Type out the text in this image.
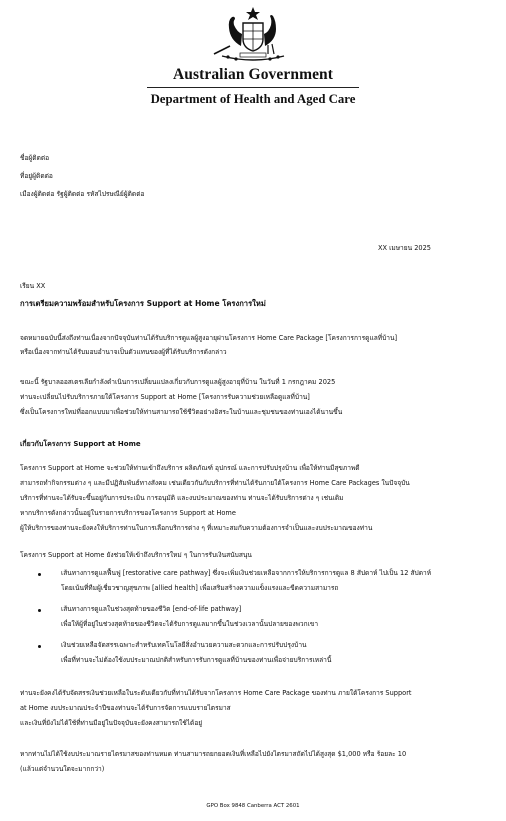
Australian Government
Department of Health and Aged Care
ชื่อผู้ติดต่อ
ที่อยู่ผู้ติดต่อ
เมืองผู้ติดต่อ รัฐผู้ติดต่อ รหัสไปรษณีย์ผู้ติดต่อ
XX เมษายน 2025
เรียน XX
การเตรียมความพร้อมสำหรับโครงการ Support at Home โครงการใหม่
จดหมายฉบับนี้ส่งถึงท่านเนื่องจากปัจจุบันท่านได้รับบริการดูแลผู้สูงอายุผ่านโครงการ Home Care Package [โครงการการดูแลที่บ้าน]
หรือเนื่องจากท่านได้รับมอบอำนาจเป็นตัวแทนของผู้ที่ได้รับบริการดังกล่าว
ขณะนี้ รัฐบาลออสเตรเลียกำลังดำเนินการเปลี่ยนแปลงเกี่ยวกับการดูแลผู้สูงอายุที่บ้าน ในวันที่ 1 กรกฎาคม 2025
ท่านจะเปลี่ยนไปรับบริการภายใต้โครงการ Support at Home [โครงการรับความช่วยเหลือดูแลที่บ้าน]
ซึ่งเป็นโครงการใหม่ที่ออกแบบมาเพื่อช่วยให้ท่านสามารถใช้ชีวิตอย่างอิสระในบ้านและชุมชนของท่านเองได้นานขึ้น
เกี่ยวกับโครงการ Support at Home
โครงการ Support at Home จะช่วยให้ท่านเข้าถึงบริการ ผลิตภัณฑ์ อุปกรณ์ และการปรับปรุงบ้าน เพื่อให้ท่านมีสุขภาพดี
สามารถทำกิจกรรมต่าง ๆ และมีปฏิสัมพันธ์ทางสังคม เช่นเดียวกันกับบริการที่ท่านได้รับภายใต้โครงการ Home Care Packages ในปัจจุบัน
บริการที่ท่านจะได้รับจะขึ้นอยู่กับการประเมิน การอนุมัติ และงบประมาณของท่าน ท่านจะได้รับบริการต่าง ๆ เช่นเดิม
หากบริการดังกล่าวนั้นอยู่ในรายการบริการของโครงการ Support at Home
ผู้ให้บริการของท่านจะยังคงให้บริการท่านในการเลือกบริการต่าง ๆ ที่เหมาะสมกับความต้องการจำเป็นและงบประมาณของท่าน
โครงการ Support at Home ยังช่วยให้เข้าถึงบริการใหม่ ๆ ในการรับเงินสนับสนุน
เส้นทางการดูแลฟื้นฟู [restorative care pathway] ซึ่งจะเพิ่มเงินช่วยเหลือจากการให้บริการการดูแล 8 สัปดาห์ ไปเป็น 12 สัปดาห์
โดยเน้นที่ทีมผู้เชี่ยวชาญสุขภาพ [allied health] เพื่อเสริมสร้างความแข็งแรงและขีดความสามารถ
เส้นทางการดูแลในช่วงสุดท้ายของชีวิต [end-of-life pathway]
เพื่อให้ผู้ที่อยู่ในช่วงสุดท้ายของชีวิตจะได้รับการดูแลมากขึ้นในช่วงเวลานั้นปลายของพวกเขา
เงินช่วยเหลือจัดสรรเฉพาะสำหรับเทคโนโลยีสิ่งอำนวยความสะดวกและการปรับปรุงบ้าน
เพื่อที่ท่านจะไม่ต้องใช้งบประมาณปกติสำหรับการรับการดูแลที่บ้านของท่านเพื่อจ่ายบริการเหล่านี้
ท่านจะยังคงได้รับจัดสรรเงินช่วยเหลือในระดับเดียวกับที่ท่านได้รับจากโครงการ Home Care Package ของท่าน ภายใต้โครงการ Support
at Home งบประมาณประจำปีของท่านจะได้รับการจัดการแบบรายไตรมาส
และเงินที่ยังไม่ได้ใช้ที่ท่านมีอยู่ในปัจจุบันจะยังคงสามารถใช้ได้อยู่
หากท่านไม่ได้ใช้งบประมาณรายไตรมาสของท่านหมด ท่านสามารถยกยอดเงินที่เหลือไปยังไตรมาสถัดไปได้สูงสุด $1,000 หรือ ร้อยละ 10
(แล้วแต่จำนวนใดจะมากกว่า)
GPO Box 9848 Canberra ACT 2601
